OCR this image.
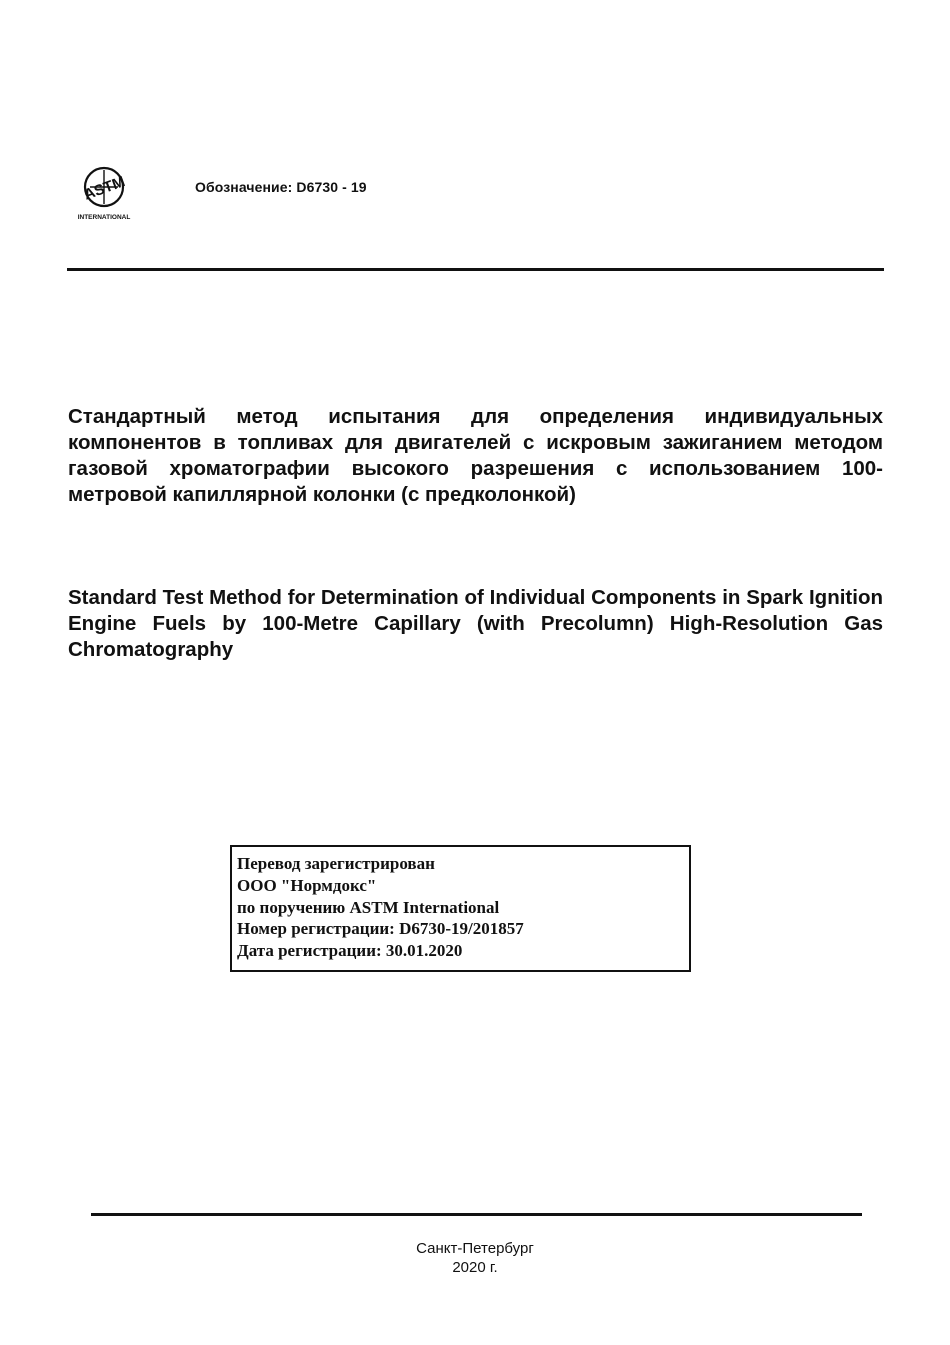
ASTM
INTERNATIONAL
Обозначение: D6730 - 19
Стандартный метод испытания для определения индивидуальных компонентов в топливах для двигателей с искровым зажиганием методом газовой хроматографии высокого разрешения с использованием 100-метровой капиллярной колонки (с предколонкой)
Standard Test Method for Determination of Individual Components in Spark Ignition Engine Fuels by 100-Metre Capillary (with Precolumn) High-Resolution Gas Chromatography
Перевод зарегистрирован
ООО "Нормдокс"
по поручению ASTM International
Номер регистрации: D6730-19/201857
Дата регистрации: 30.01.2020
Санкт-Петербург
2020 г.
